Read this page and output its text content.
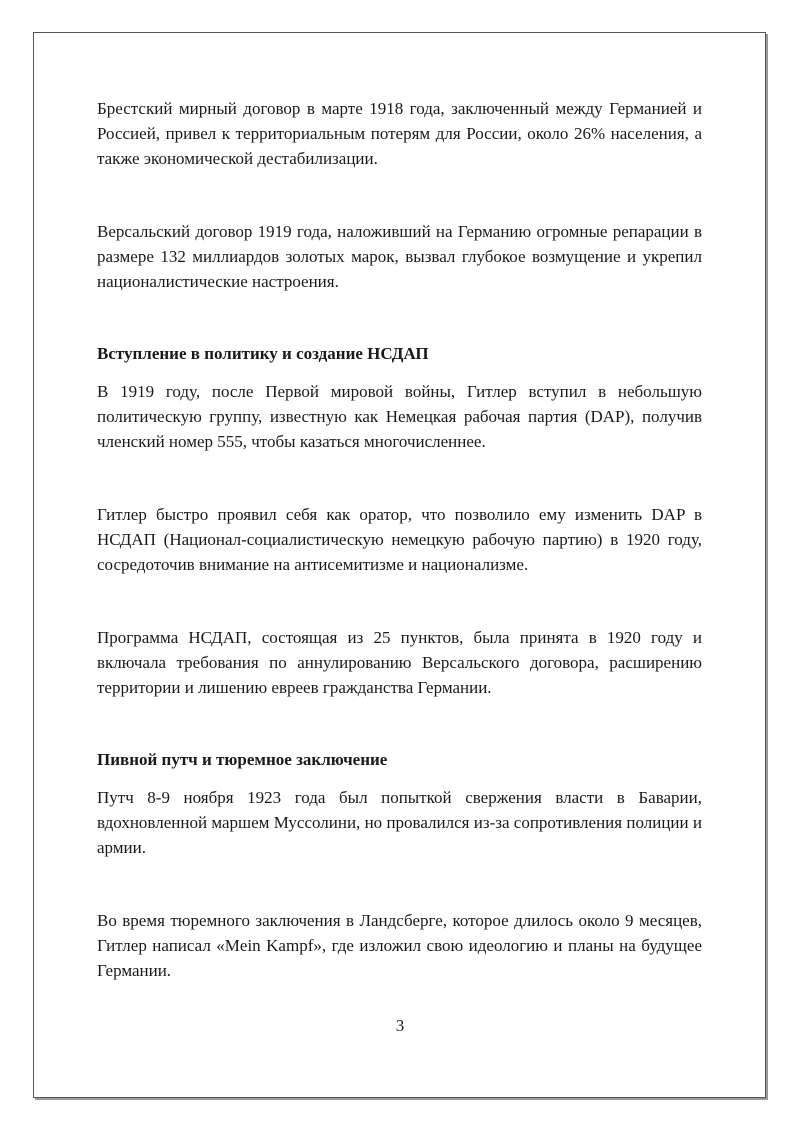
Брестский мирный договор в марте 1918 года, заключенный между Германией и Россией, привел к территориальным потерям для России, около 26% населения, а также экономической дестабилизации.

Версальский договор 1919 года, наложивший на Германию огромные репарации в размере 132 миллиардов золотых марок, вызвал глубокое возмущение и укрепил националистические настроения.

Вступление в политику и создание НСДАП

В 1919 году, после Первой мировой войны, Гитлер вступил в небольшую политическую группу, известную как Немецкая рабочая партия (DAP), получив членский номер 555, чтобы казаться многочисленнее.

Гитлер быстро проявил себя как оратор, что позволило ему изменить DAP в НСДАП (Национал-социалистическую немецкую рабочую партию) в 1920 году, сосредоточив внимание на антисемитизме и национализме.

Программа НСДАП, состоящая из 25 пунктов, была принята в 1920 году и включала требования по аннулированию Версальского договора, расширению территории и лишению евреев гражданства Германии.

Пивной путч и тюремное заключение

Путч 8-9 ноября 1923 года был попыткой свержения власти в Баварии, вдохновленной маршем Муссолини, но провалился из-за сопротивления полиции и армии.

Во время тюремного заключения в Ландсберге, которое длилось около 9 месяцев, Гитлер написал «Mein Kampf», где изложил свою идеологию и планы на будущее Германии.

3
